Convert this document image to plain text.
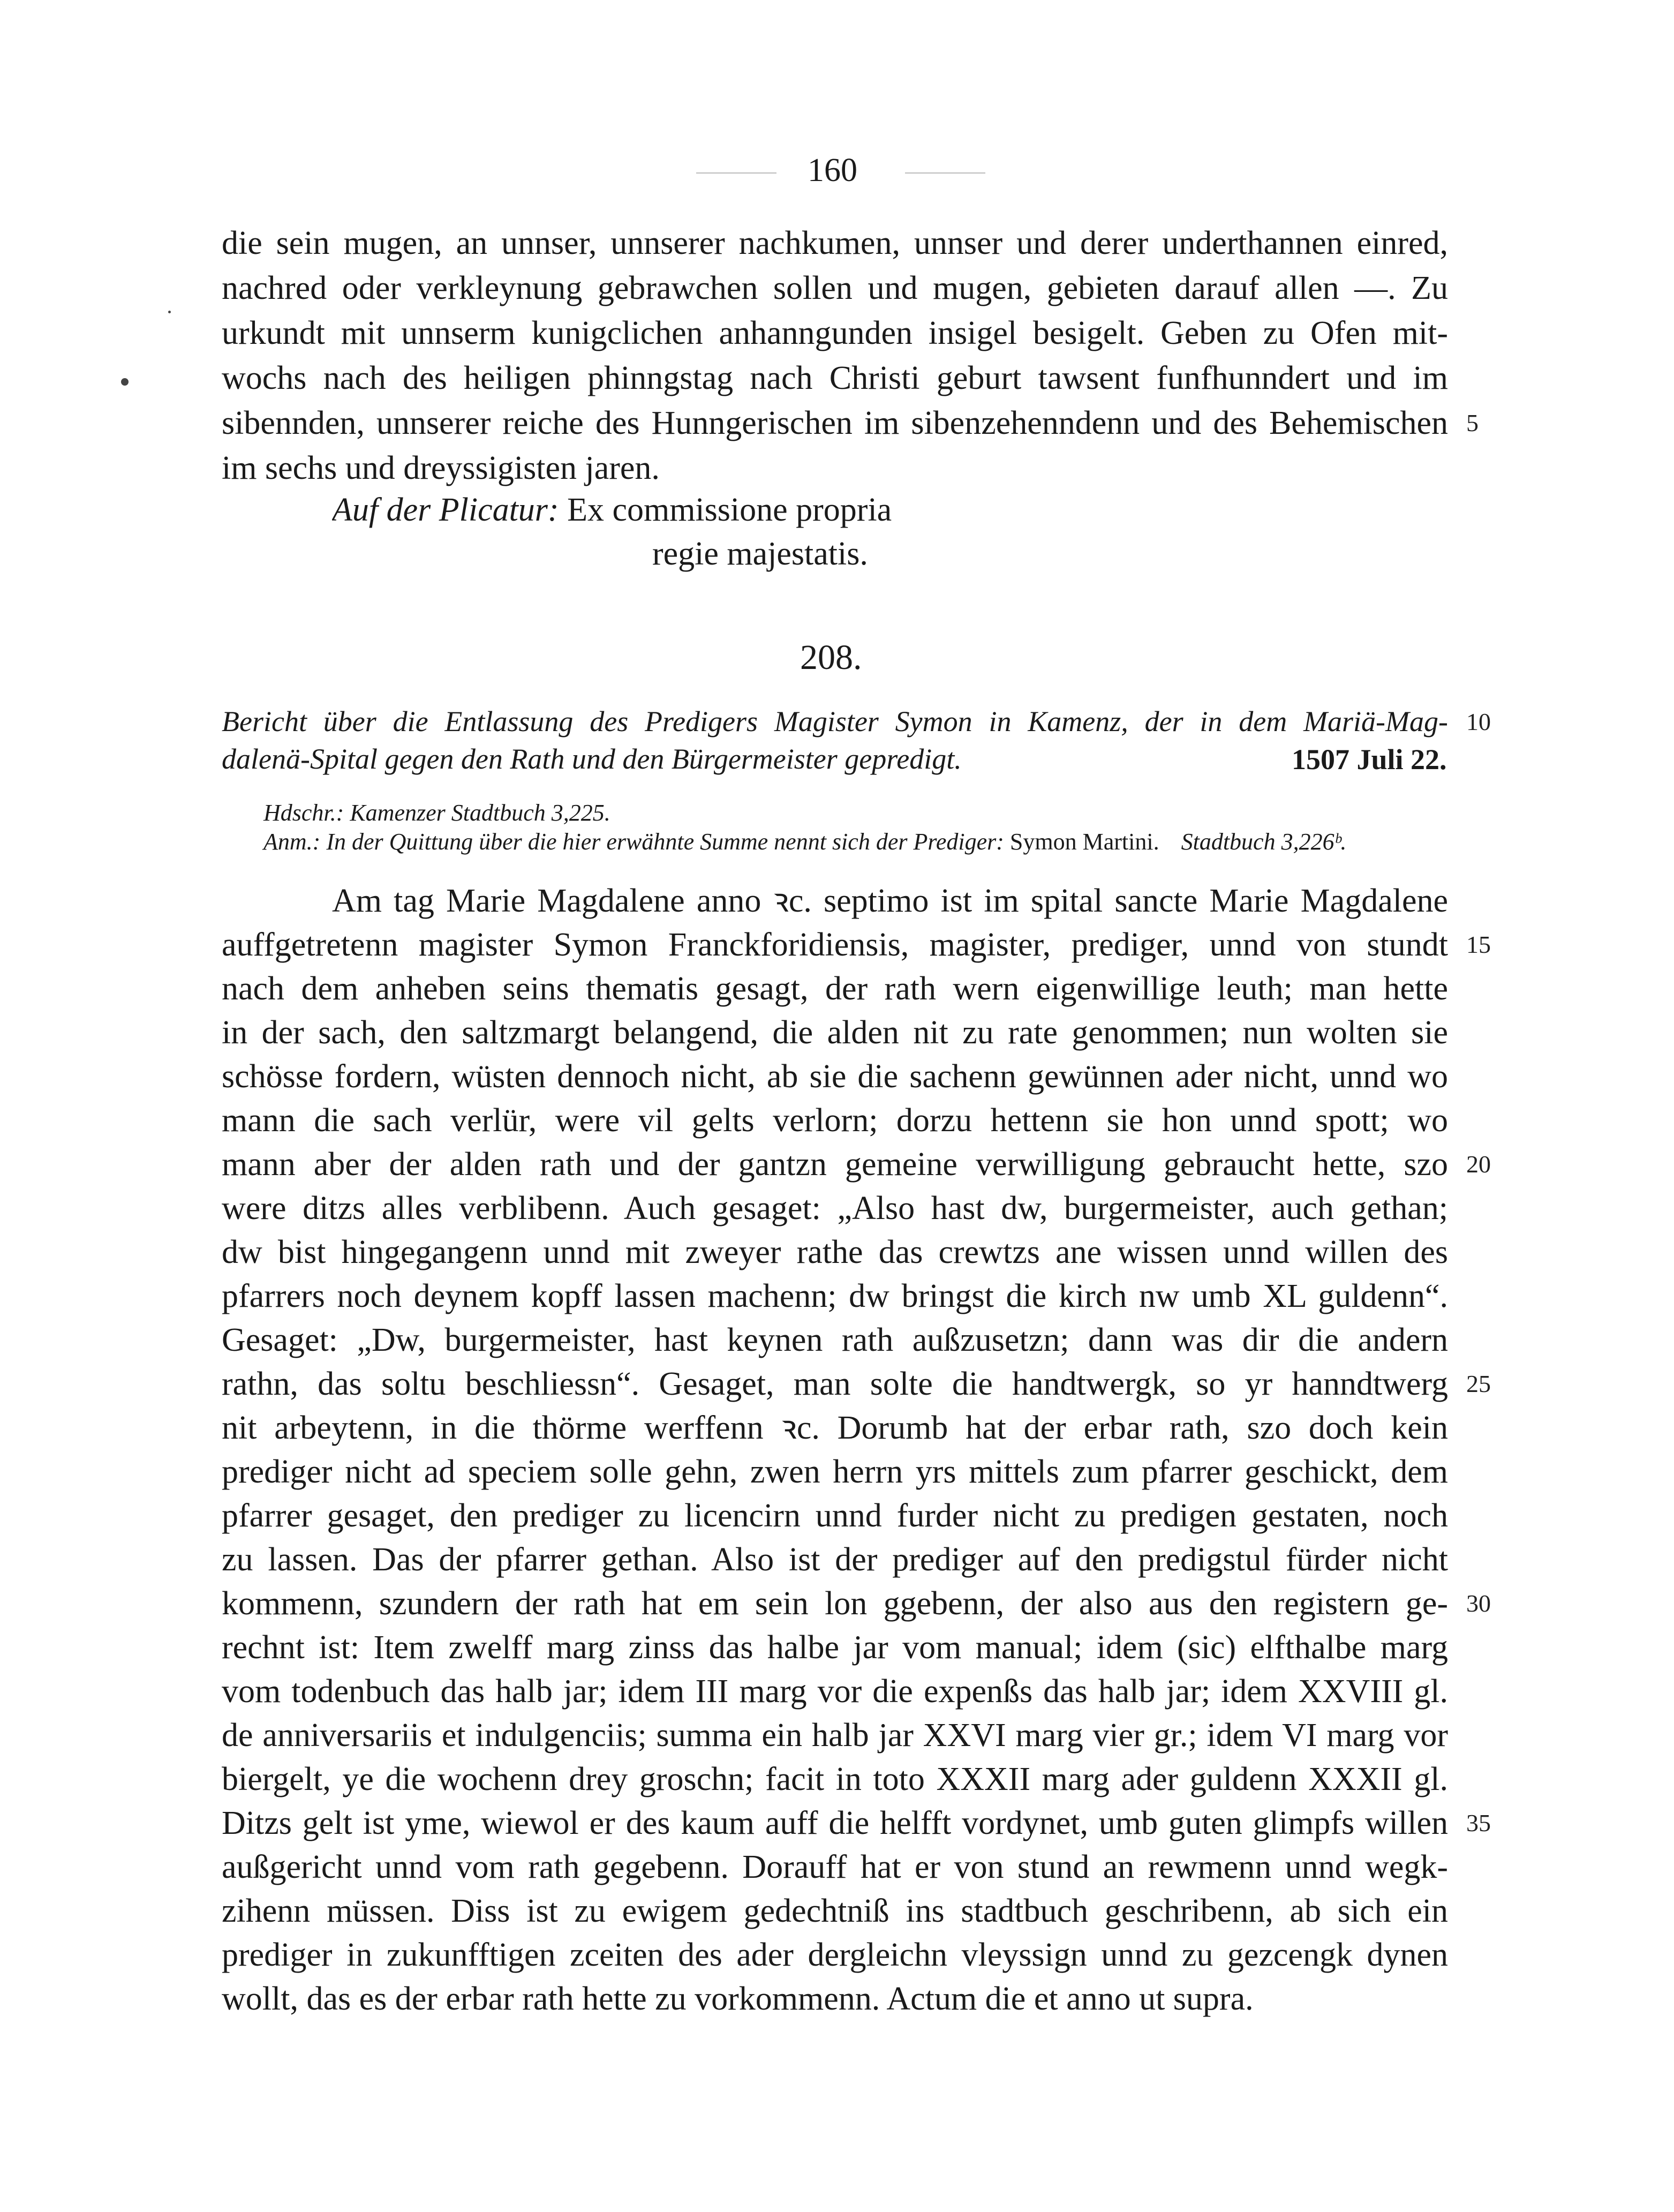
160
die sein mugen, an unnser, unnserer nachkumen, unnser und derer underthannen einred,
nachred oder verkleynung gebrawchen sollen und mugen, gebieten darauf allen —. Zu
urkundt mit unnserm kunigclichen anhanngunden insigel besigelt. Geben zu Ofen mit-
wochs nach des heiligen phinngstag nach Christi geburt tawsent funfhunndert und im
sibennden, unnserer reiche des Hunngerischen im sibenzehenndenn und des Behemischen 5
im sechs und dreyssigisten jaren.
Auf der Plicatur: Ex commissione propria
regie majestatis.
208.
Bericht über die Entlassung des Predigers Magister Symon in Kamenz, der in dem Mariä-Mag- 10
dalenä-Spital gegen den Rath und den Bürgermeister gepredigt.	1507 Juli 22.
Hdschr.: Kamenzer Stadtbuch 3,225.
Anm.: In der Quittung über die hier erwähnte Summe nennt sich der Prediger: Symon Martini. Stadtbuch 3,226ᵇ.
Am tag Marie Magdalene anno ꝛc. septimo ist im spital sancte Marie Magdalene
auffgetretenn magister Symon Franckforidiensis, magister, prediger, unnd von stundt 15
nach dem anheben seins thematis gesagt, der rath wern eigenwillige leuth; man hette
in der sach, den saltzmargt belangend, die alden nit zu rate genommen; nun wolten sie
schösse fordern, wüsten dennoch nicht, ab sie die sachenn gewünnen ader nicht, unnd wo
mann die sach verlür, were vil gelts verlorn; dorzu hettenn sie hon unnd spott; wo
mann aber der alden rath und der gantzn gemeine verwilligung gebraucht hette, szo 20
were ditzs alles verblibenn. Auch gesaget: „Also hast dw, burgermeister, auch gethan;
dw bist hingegangenn unnd mit zweyer rathe das crewtzs ane wissen unnd willen des
pfarrers noch deynem kopff lassen machenn; dw bringst die kirch nw umb XL guldenn“.
Gesaget: „Dw, burgermeister, hast keynen rath außzusetzn; dann was dir die andern
rathn, das soltu beschliessn“. Gesaget, man solte die handtwergk, so yr hanndtwerg 25
nit arbeytenn, in die thörme werffenn ꝛc. Dorumb hat der erbar rath, szo doch kein
prediger nicht ad speciem solle gehn, zwen herrn yrs mittels zum pfarrer geschickt, dem
pfarrer gesaget, den prediger zu licencirn unnd furder nicht zu predigen gestaten, noch
zu lassen. Das der pfarrer gethan. Also ist der prediger auf den predigstul fürder nicht
kommenn, szundern der rath hat em sein lon ggebenn, der also aus den registern ge- 30
rechnt ist: Item zwelff marg zinss das halbe jar vom manual; idem (sic) elfthalbe marg
vom todenbuch das halb jar; idem III marg vor die expenßs das halb jar; idem XXVIII gl.
de anniversariis et indulgenciis; summa ein halb jar XXVI marg vier gr.; idem VI marg vor
biergelt, ye die wochenn drey groschn; facit in toto XXXII marg ader guldenn XXXII gl.
Ditzs gelt ist yme, wiewol er des kaum auff die helfft vordynet, umb guten glimpfs willen 35
außgericht unnd vom rath gegebenn. Dorauff hat er von stund an rewmenn unnd wegk-
zihenn müssen. Diss ist zu ewigem gedechtniß ins stadtbuch geschribenn, ab sich ein
prediger in zukunfftigen zceiten des ader dergleichn vleyssign unnd zu gezcengk dynen
wollt, das es der erbar rath hette zu vorkommenn. Actum die et anno ut supra.
